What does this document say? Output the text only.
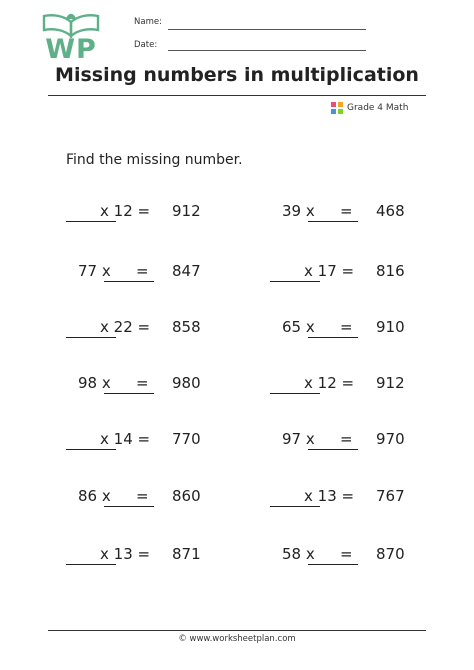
WP
Name:
Date:
Missing numbers in multiplication
Grade 4 Math
Find the missing number.
x 12 = 912	39 x = 468
77 x = 847	x 17 = 816
x 22 = 858	65 x = 910
98 x = 980	x 12 = 912
x 14 = 770	97 x = 970
86 x = 860	x 13 = 767
x 13 = 871	58 x = 870
© www.worksheetplan.com
